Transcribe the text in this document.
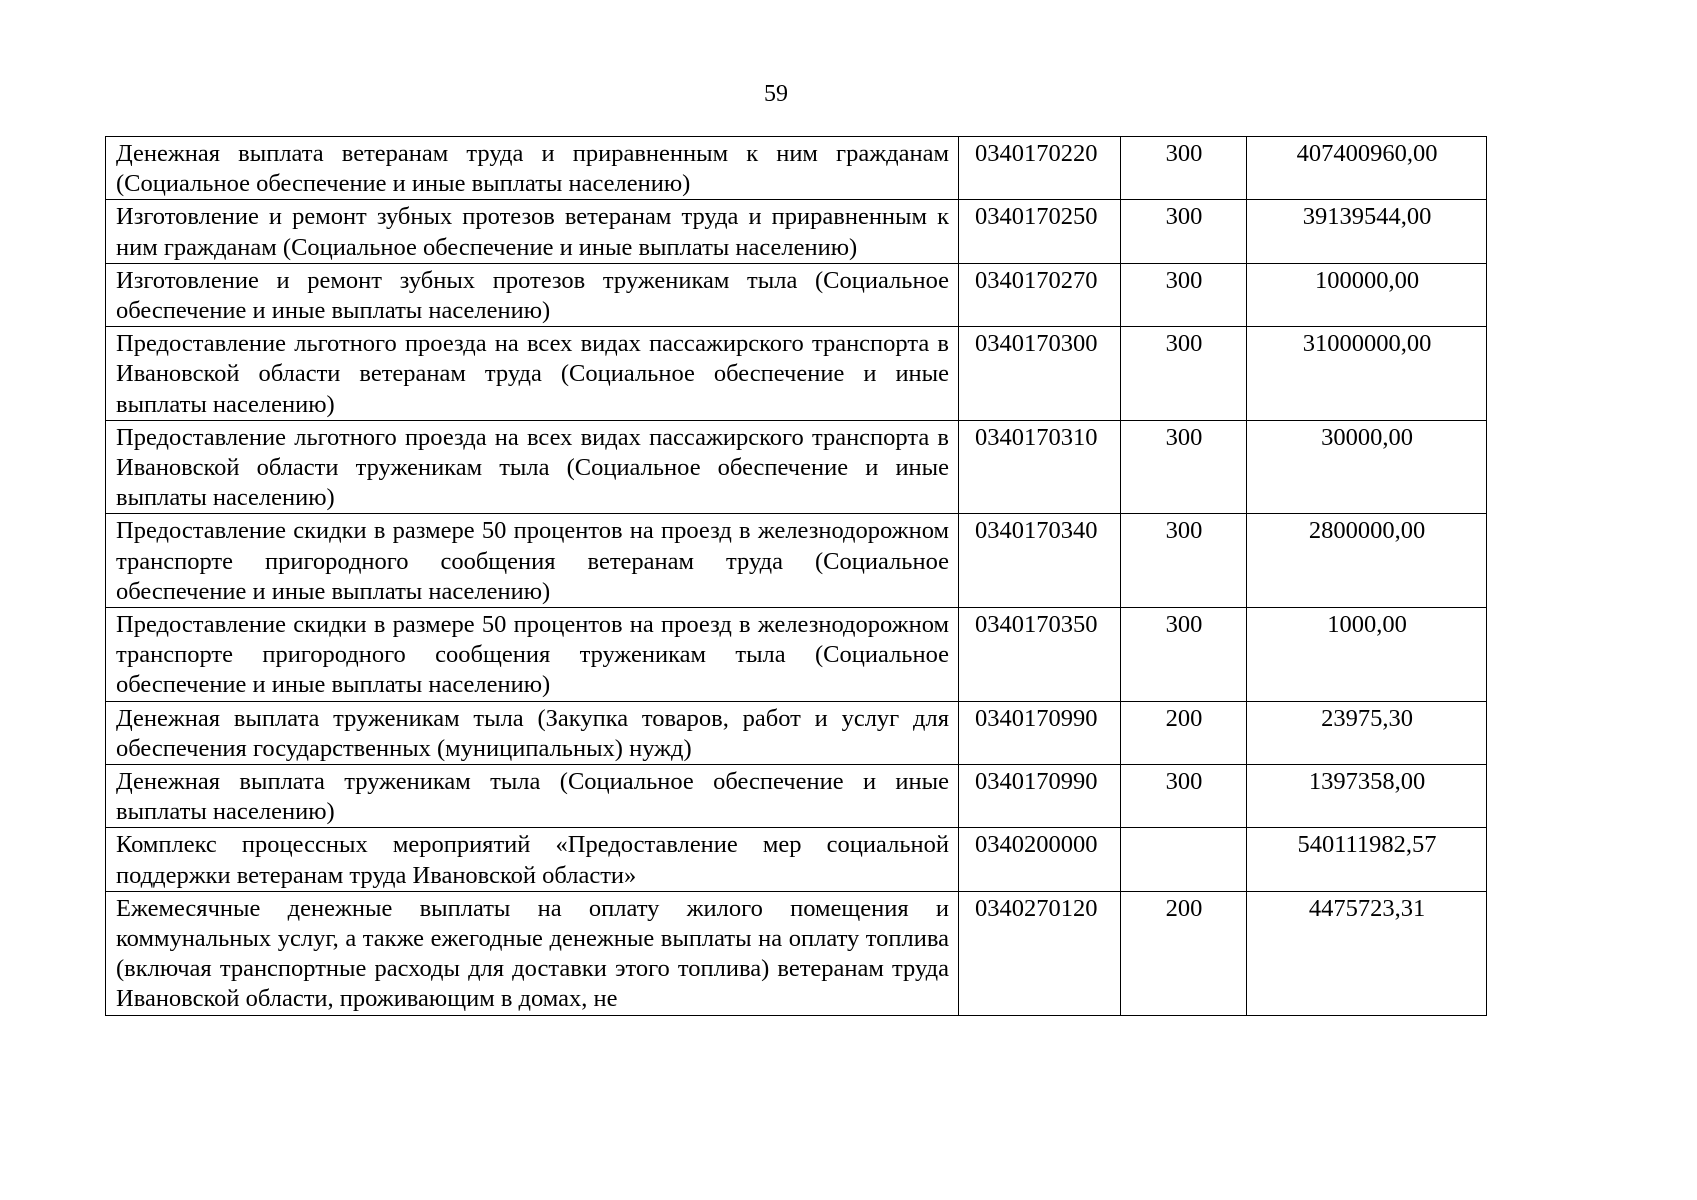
59
Денежная выплата ветеранам труда и приравненным к ним гражданам (Социальное обеспечение и иные выплаты населению)	0340170220	300	407400960,00
Изготовление и ремонт зубных протезов ветеранам труда и приравненным к ним гражданам (Социальное обеспечение и иные выплаты населению)	0340170250	300	39139544,00
Изготовление и ремонт зубных протезов труженикам тыла (Социальное обеспечение и иные выплаты населению)	0340170270	300	100000,00
Предоставление льготного проезда на всех видах пассажирского транспорта в Ивановской области ветеранам труда (Социальное обеспечение и иные выплаты населению)	0340170300	300	31000000,00
Предоставление льготного проезда на всех видах пассажирского транспорта в Ивановской области труженикам тыла (Социальное обеспечение и иные выплаты населению)	0340170310	300	30000,00
Предоставление скидки в размере 50 процентов на проезд в железнодорожном транспорте пригородного сообщения ветеранам труда (Социальное обеспечение и иные выплаты населению)	0340170340	300	2800000,00
Предоставление скидки в размере 50 процентов на проезд в железнодорожном транспорте пригородного сообщения труженикам тыла (Социальное обеспечение и иные выплаты населению)	0340170350	300	1000,00
Денежная выплата труженикам тыла (Закупка товаров, работ и услуг для обеспечения государственных (муниципальных) нужд)	0340170990	200	23975,30
Денежная выплата труженикам тыла (Социальное обеспечение и иные выплаты населению)	0340170990	300	1397358,00
Комплекс процессных мероприятий «Предоставление мер социальной поддержки ветеранам труда Ивановской области»	0340200000		540111982,57
Ежемесячные денежные выплаты на оплату жилого помещения и коммунальных услуг, а также ежегодные денежные выплаты на оплату топлива (включая транспортные расходы для доставки этого топлива) ветеранам труда Ивановской области, проживающим в домах, не	0340270120	200	4475723,31
